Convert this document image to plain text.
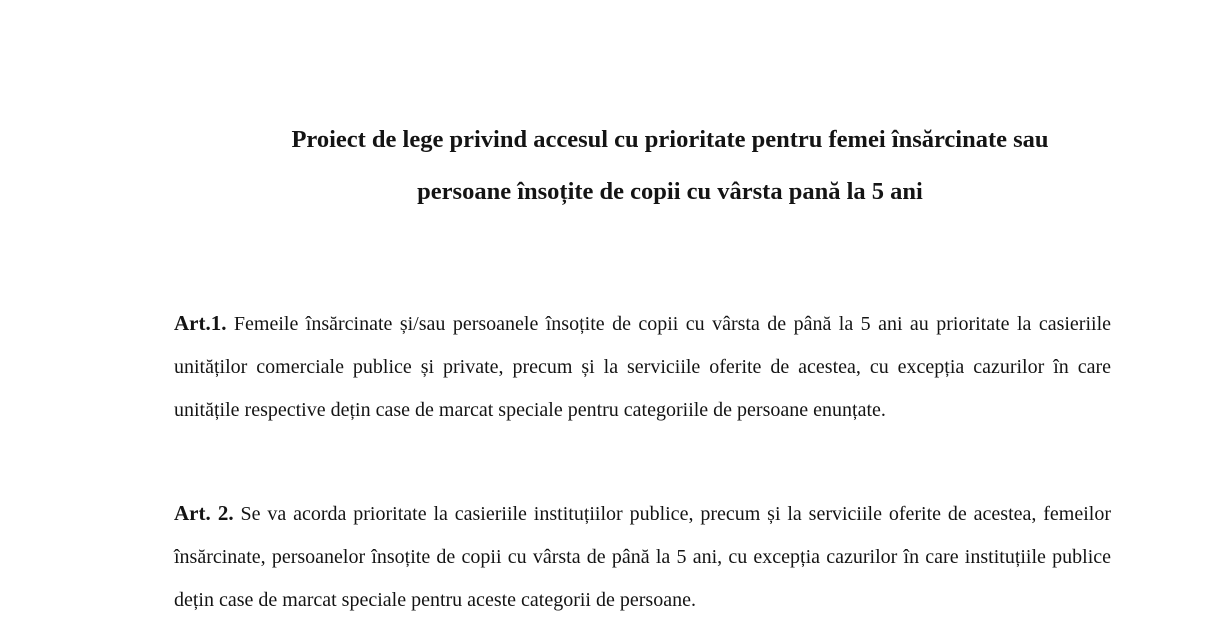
Proiect de lege privind accesul cu prioritate pentru femei însărcinate sau
persoane însoțite de copii cu vârsta pană la 5 ani
Art.1. Femeile însărcinate și/sau persoanele însoțite de copii cu vârsta de până la 5 ani au prioritate la casieriile unităților comerciale publice și private, precum și la serviciile oferite de acestea, cu excepția cazurilor în care unitățile respective dețin case de marcat speciale pentru categoriile de persoane enunțate.
Art. 2. Se va acorda prioritate la casieriile instituțiilor publice, precum și la serviciile oferite de acestea, femeilor însărcinate, persoanelor însoțite de copii cu vârsta de până la 5 ani, cu excepția cazurilor în care instituțiile publice dețin case de marcat speciale pentru aceste categorii de persoane.
